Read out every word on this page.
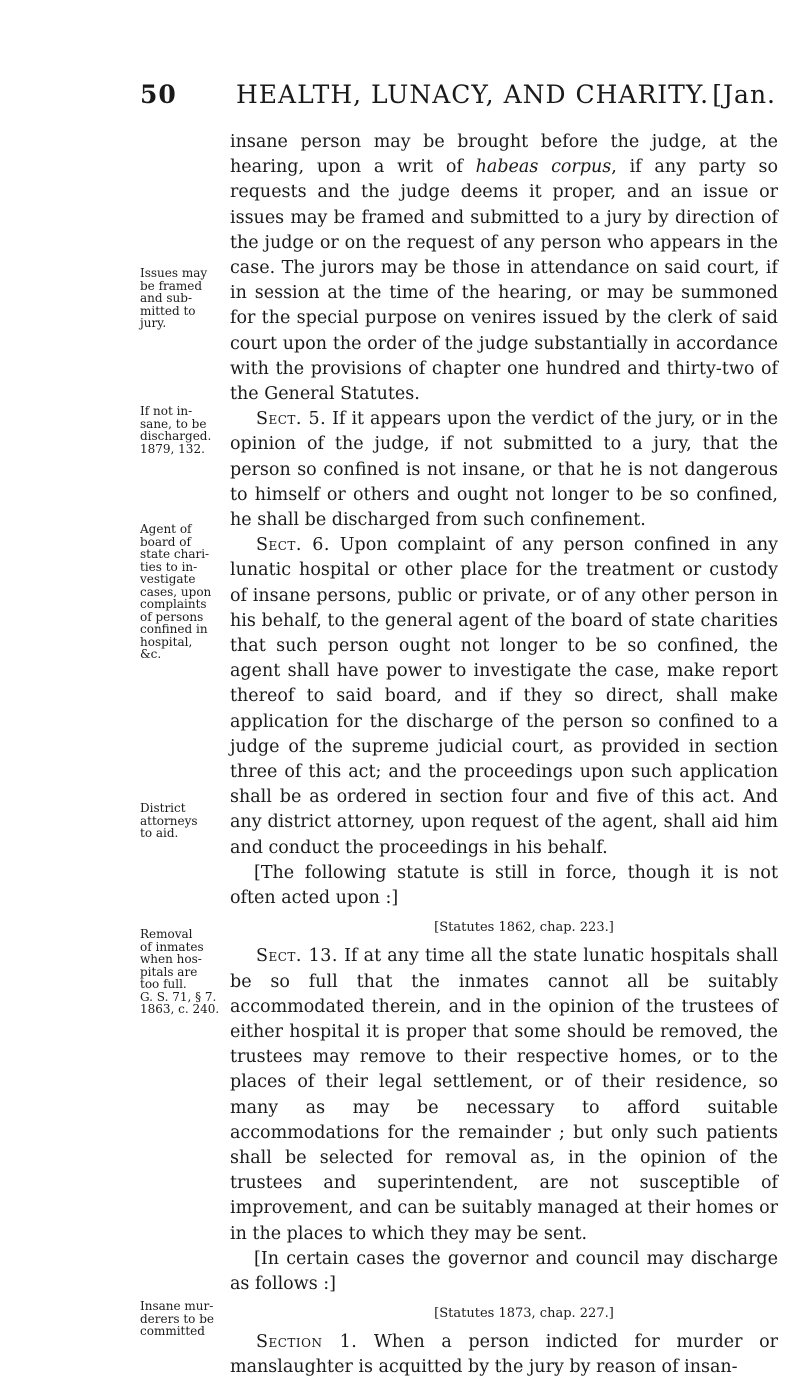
50 HEALTH, LUNACY, AND CHARITY. [Jan.
Issues may
be framed
and sub-
mitted to
jury.
If not in-
sane, to be
discharged.
1879, 132.
Agent of
board of
state chari-
ties to in-
vestigate
cases, upon
complaints
of persons
confined in
hospital,
&c.
District
attorneys
to aid.
Removal
of inmates
when hos-
pitals are
too full.
G. S. 71, § 7.
1863, c. 240.
Insane mur-
derers to be
committed

insane person may be brought before the judge, at the hearing, upon a writ of habeas corpus, if any party so requests and the judge deems it proper, and an issue or issues may be framed and submitted to a jury by direction of the judge or on the request of any person who appears in the case. The jurors may be those in attendance on said court, if in session at the time of the hearing, or may be summoned for the special purpose on venires issued by the clerk of said court upon the order of the judge substantially in accordance with the provisions of chapter one hundred and thirty-two of the General Statutes.

Sect. 5. If it appears upon the verdict of the jury, or in the opinion of the judge, if not submitted to a jury, that the person so confined is not insane, or that he is not dangerous to himself or others and ought not longer to be so confined, he shall be discharged from such confinement.

Sect. 6. Upon complaint of any person confined in any lunatic hospital or other place for the treatment or custody of insane persons, public or private, or of any other person in his behalf, to the general agent of the board of state charities that such person ought not longer to be so confined, the agent shall have power to investigate the case, make report thereof to said board, and if they so direct, shall make application for the discharge of the person so confined to a judge of the supreme judicial court, as provided in section three of this act; and the proceedings upon such application shall be as ordered in section four and five of this act. And any district attorney, upon request of the agent, shall aid him and conduct the proceedings in his behalf.

[The following statute is still in force, though it is not often acted upon :]

[Statutes 1862, chap. 223.]

Sect. 13. If at any time all the state lunatic hospitals shall be so full that the inmates cannot all be suitably accommodated therein, and in the opinion of the trustees of either hospital it is proper that some should be removed, the trustees may remove to their respective homes, or to the places of their legal settlement, or of their residence, so many as may be necessary to afford suitable accommodations for the remainder ; but only such patients shall be selected for removal as, in the opinion of the trustees and superintendent, are not susceptible of improvement, and can be suitably managed at their homes or in the places to which they may be sent.

[In certain cases the governor and council may discharge as follows :]

[Statutes 1873, chap. 227.]

Section 1. When a person indicted for murder or manslaughter is acquitted by the jury by reason of insan-
